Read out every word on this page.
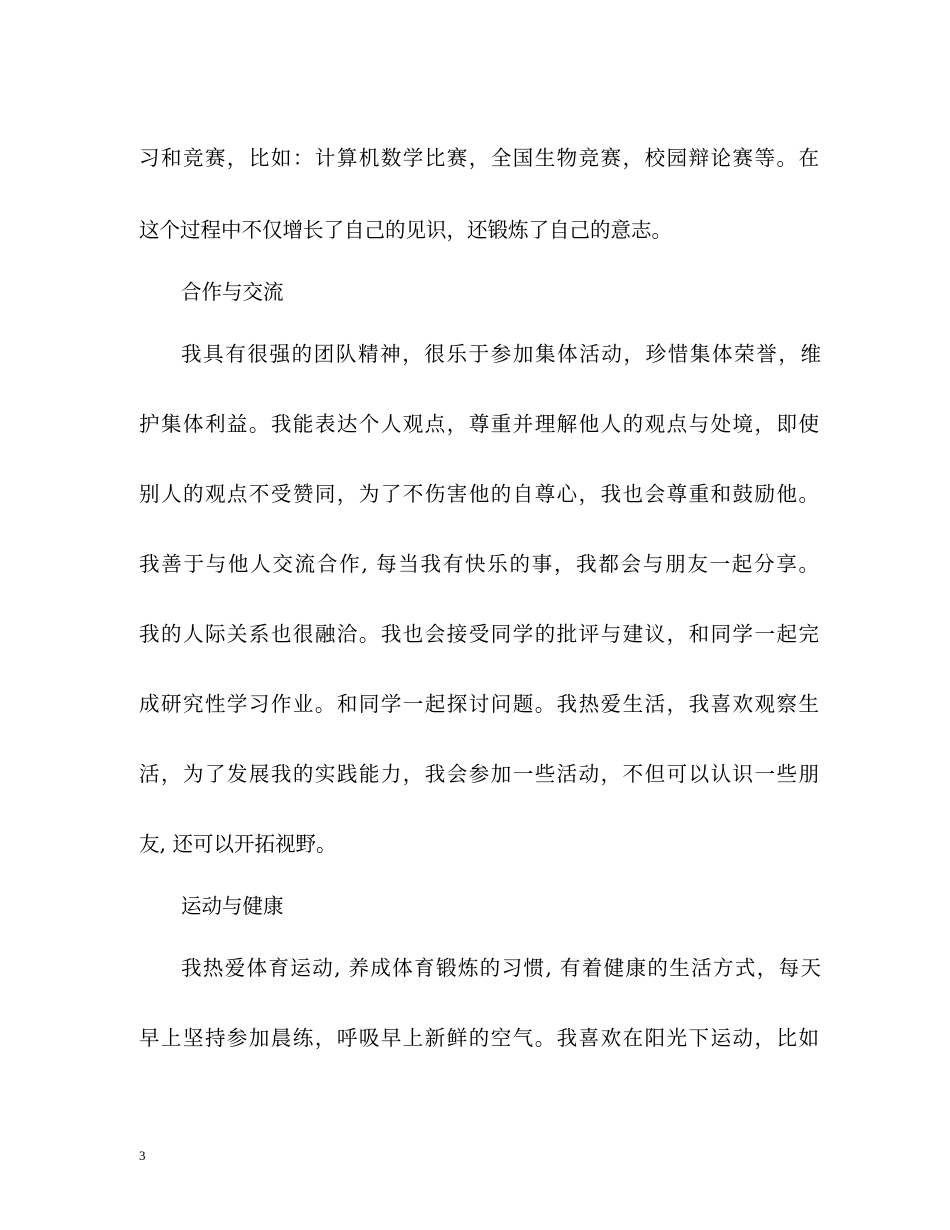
习和竞赛，比如：计算机数学比赛，全国生物竞赛，校园辩论赛等。在
这个过程中不仅增长了自己的见识，还锻炼了自己的意志。
合作与交流
我具有很强的团队精神，很乐于参加集体活动，珍惜集体荣誉，维
护集体利益。我能表达个人观点，尊重并理解他人的观点与处境，即使
别人的观点不受赞同，为了不伤害他的自尊心，我也会尊重和鼓励他。
我善于与他人交流合作, 每当我有快乐的事，我都会与朋友一起分享。
我的人际关系也很融洽。我也会接受同学的批评与建议，和同学一起完
成研究性学习作业。和同学一起探讨问题。我热爱生活，我喜欢观察生
活，为了发展我的实践能力，我会参加一些活动，不但可以认识一些朋
友, 还可以开拓视野。
运动与健康
我热爱体育运动, 养成体育锻炼的习惯, 有着健康的生活方式，每天
早上坚持参加晨练，呼吸早上新鲜的空气。我喜欢在阳光下运动，比如
3
